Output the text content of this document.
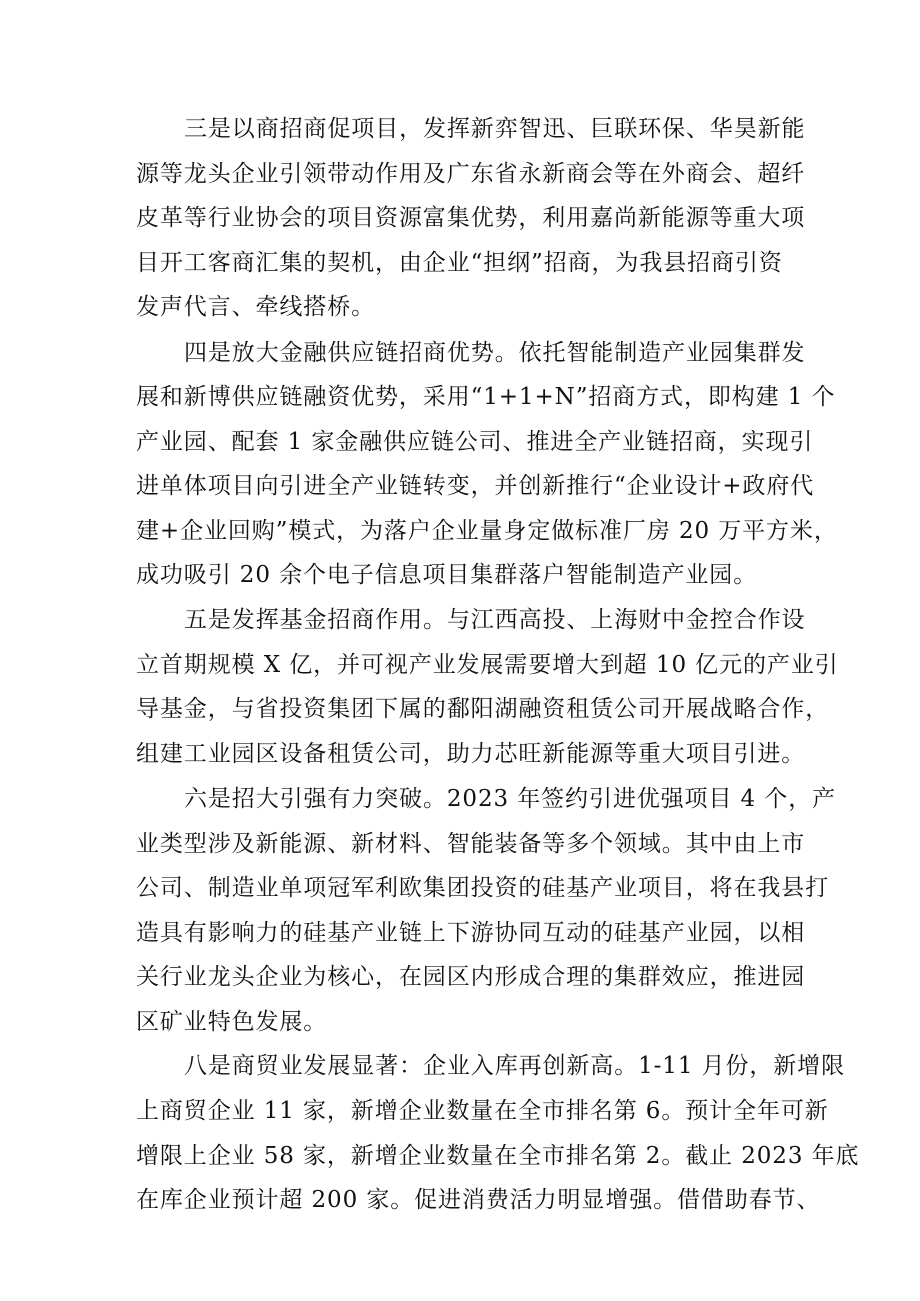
三是以商招商促项目，发挥新弈智迅、巨联环保、华昊新能
源等龙头企业引领带动作用及广东省永新商会等在外商会、超纤
皮革等行业协会的项目资源富集优势，利用嘉尚新能源等重大项
目开工客商汇集的契机，由企业“担纲”招商，为我县招商引资
发声代言、牵线搭桥。
四是放大金融供应链招商优势。依托智能制造产业园集群发
展和新博供应链融资优势，采用“1+1+N”招商方式，即构建 1 个
产业园、配套 1 家金融供应链公司、推进全产业链招商，实现引
进单体项目向引进全产业链转变，并创新推行“企业设计+政府代
建+企业回购”模式，为落户企业量身定做标准厂房 20 万平方米，
成功吸引 20 余个电子信息项目集群落户智能制造产业园。
五是发挥基金招商作用。与江西高投、上海财中金控合作设
立首期规模 X 亿，并可视产业发展需要增大到超 10 亿元的产业引
导基金，与省投资集团下属的鄱阳湖融资租赁公司开展战略合作，
组建工业园区设备租赁公司，助力芯旺新能源等重大项目引进。
六是招大引强有力突破。2023 年签约引进优强项目 4 个，产
业类型涉及新能源、新材料、智能装备等多个领域。其中由上市
公司、制造业单项冠军利欧集团投资的硅基产业项目，将在我县打
造具有影响力的硅基产业链上下游协同互动的硅基产业园，以相
关行业龙头企业为核心，在园区内形成合理的集群效应，推进园
区矿业特色发展。
八是商贸业发展显著：企业入库再创新高。1-11 月份，新增限
上商贸企业 11 家，新增企业数量在全市排名第 6。预计全年可新
增限上企业 58 家，新增企业数量在全市排名第 2。截止 2023 年底
在库企业预计超 200 家。促进消费活力明显增强。借借助春节、
